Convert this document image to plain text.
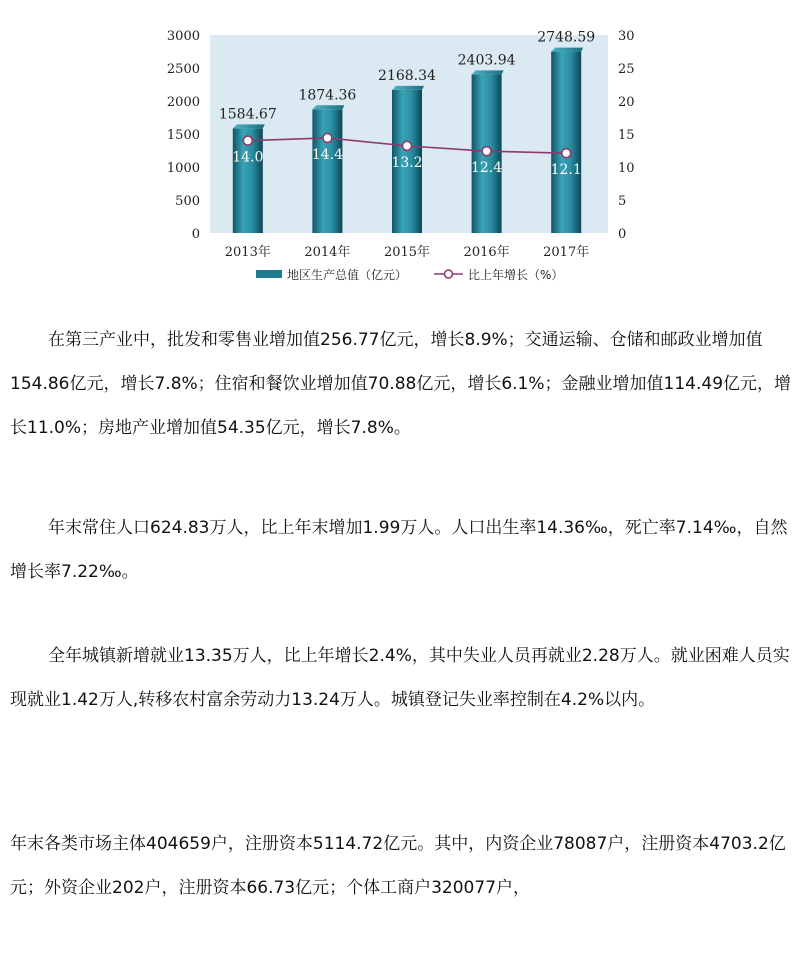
0
500
1000
1500
2000
2500
3000
0
5
10
15
20
25
30
1584.67
1874.36
2168.34
2403.94
2748.59
14.0	14.4	13.2	12.4	12.1
2013年	2014年	2015年	2016年	2017年
地区生产总值（亿元）	比上年增长（%）

在第三产业中，批发和零售业增加值256.77亿元，增长8.9%；交通运输、仓储和邮政业增加值154.86亿元，增长7.8%；住宿和餐饮业增加值70.88亿元，增长6.1%；金融业增加值114.49亿元，增长11.0%；房地产业增加值54.35亿元，增长7.8%。

年末常住人口624.83万人，比上年末增加1.99万人。人口出生率14.36‰，死亡率7.14‰，自然增长率7.22‰。

全年城镇新增就业13.35万人，比上年增长2.4%，其中失业人员再就业2.28万人。就业困难人员实现就业1.42万人,转移农村富余劳动力13.24万人。城镇登记失业率控制在4.2%以内。

年末各类市场主体404659户，注册资本5114.72亿元。其中，内资企业78087户，注册资本4703.2亿元；外资企业202户，注册资本66.73亿元；个体工商户320077户，
